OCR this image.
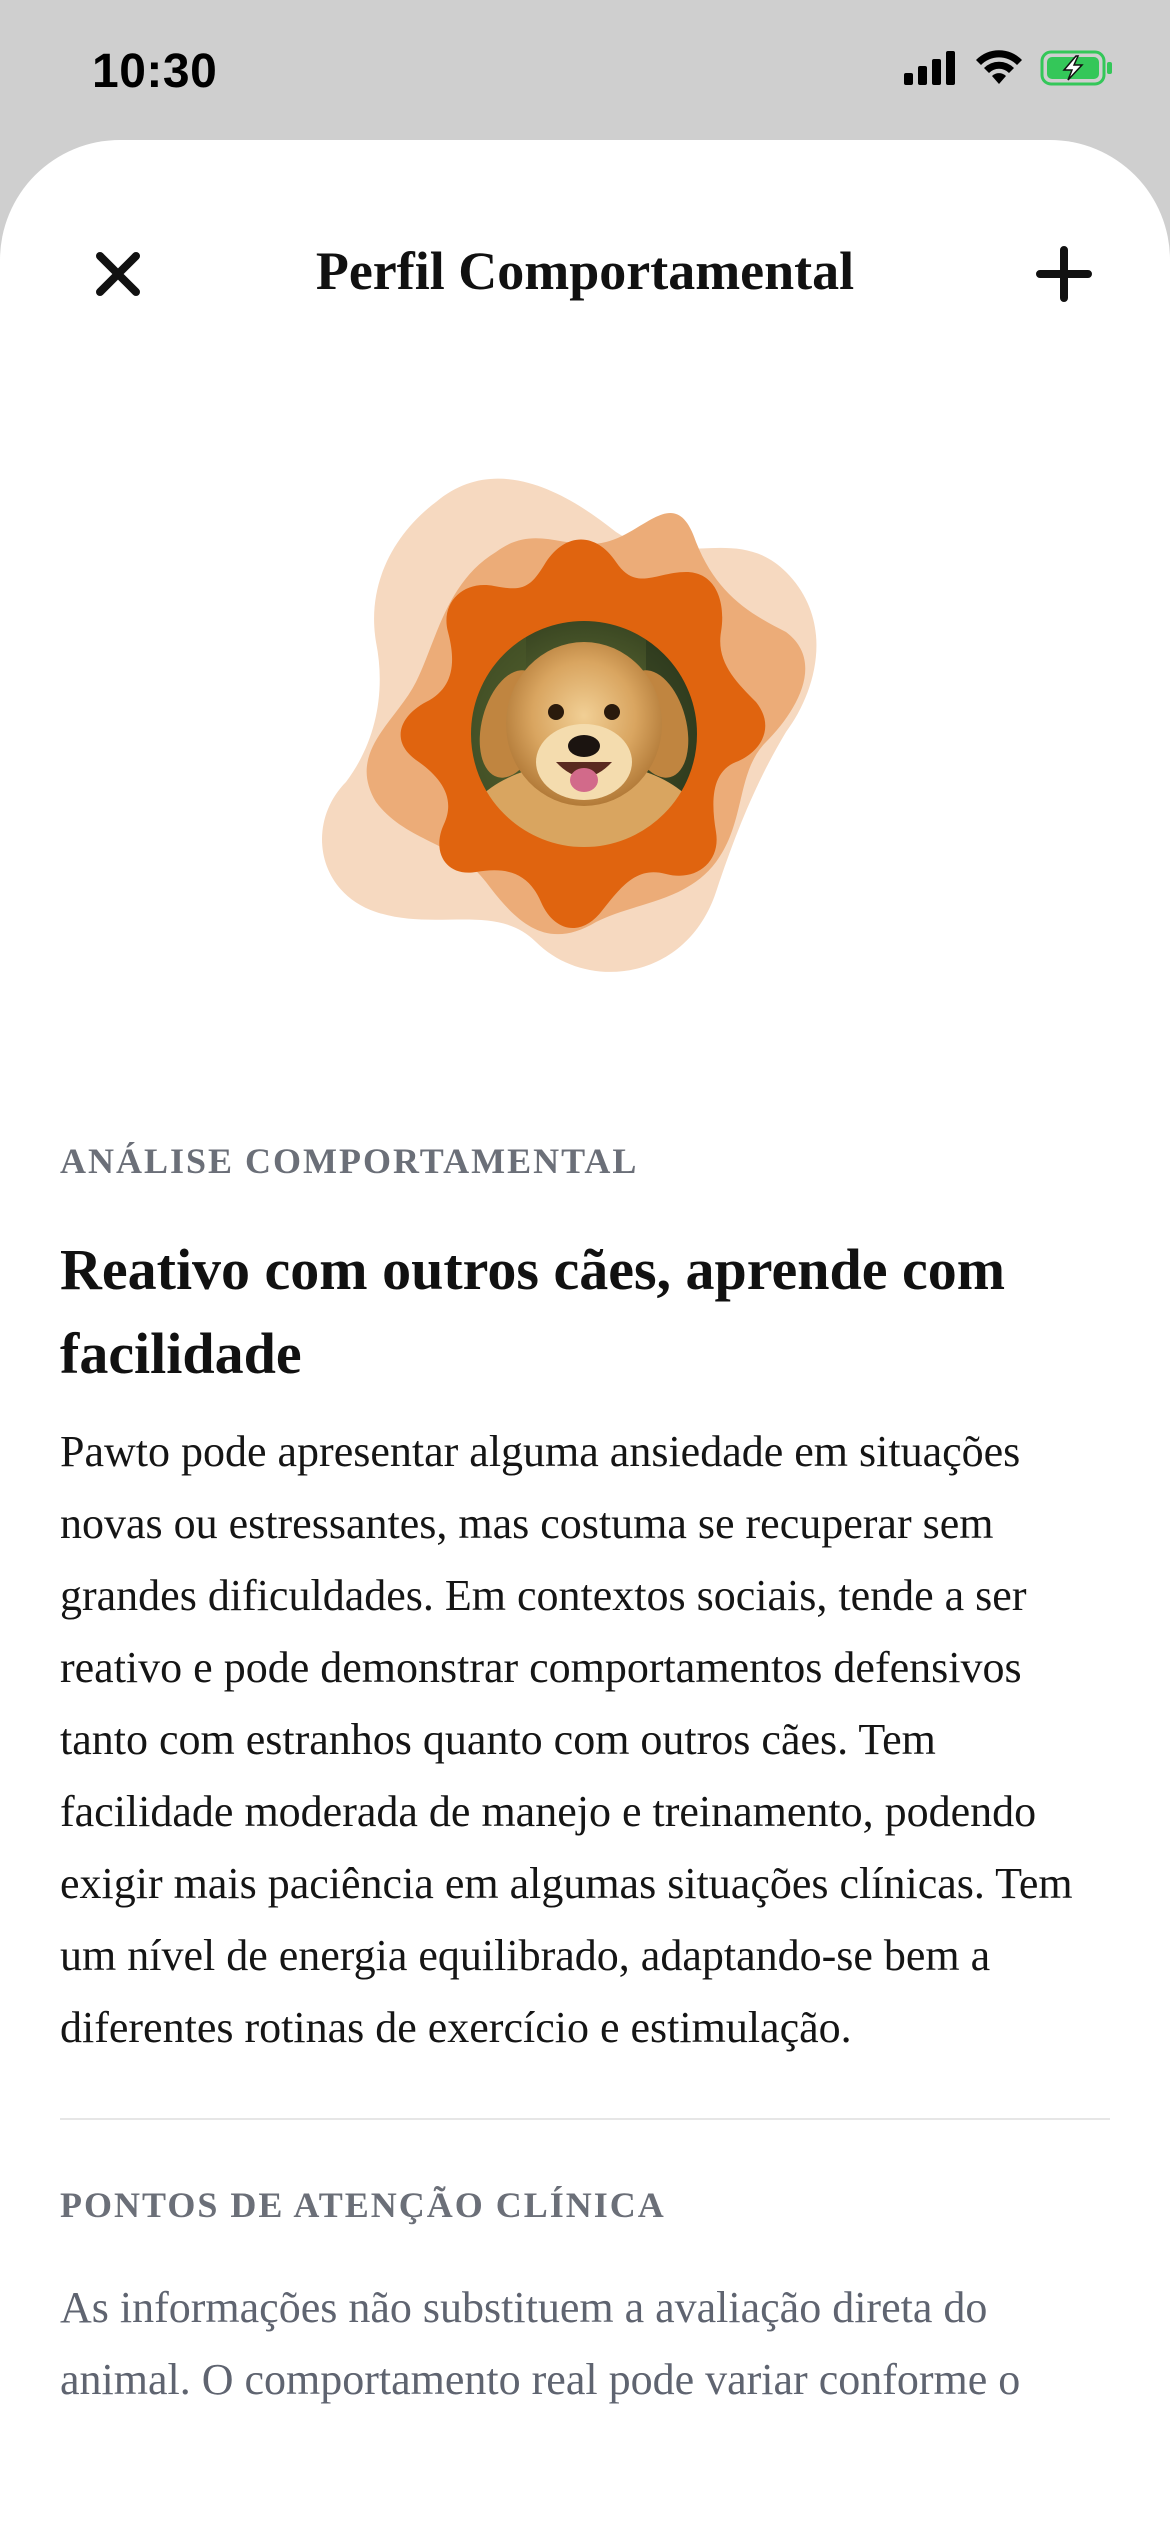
10:30
Perfil Comportamental
ANÁLISE COMPORTAMENTAL
Reativo com outros cães, aprende com facilidade
Pawto pode apresentar alguma ansiedade em situações novas ou estressantes, mas costuma se recuperar sem grandes dificuldades. Em contextos sociais, tende a ser reativo e pode demonstrar comportamentos defensivos tanto com estranhos quanto com outros cães. Tem facilidade moderada de manejo e treinamento, podendo exigir mais paciência em algumas situações clínicas. Tem um nível de energia equilibrado, adaptando-se bem a diferentes rotinas de exercício e estimulação.
PONTOS DE ATENÇÃO CLÍNICA
As informações não substituem a avaliação direta do animal. O comportamento real pode variar conforme o
